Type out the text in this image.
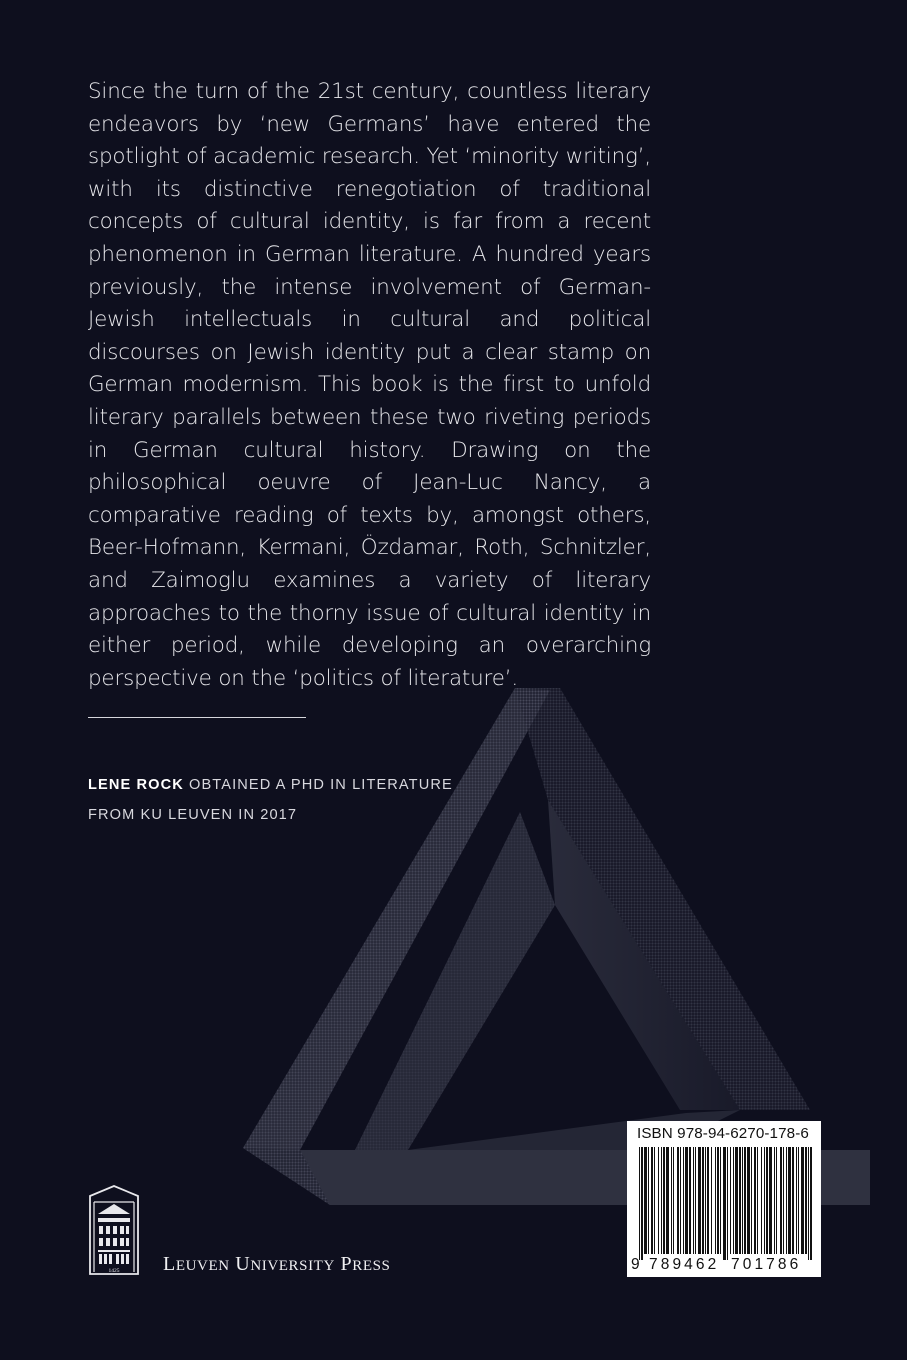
Since the turn of the 21st century, countless literary endeavors by ‘new Germans’ have entered the spotlight of academic research. Yet ‘minority writing’, with its distinctive renegotiation of traditional concepts of cultural identity, is far from a recent phenomenon in German literature. A hundred years previously, the intense involvement of German-Jewish intellectuals in cultural and political discourses on Jewish identity put a clear stamp on German modernism. This book is the first to unfold literary parallels between these two riveting periods in German cultural history. Drawing on the philosophical oeuvre of Jean-Luc Nancy, a comparative reading of texts by, amongst others, Beer-Hofmann, Kermani, Özdamar, Roth, Schnitzler, and Zaimoglu examines a variety of literary approaches to the thorny issue of cultural identity in either period, while developing an overarching perspective on the ‘politics of literature’.

LENE ROCK OBTAINED A PHD IN LITERATURE
FROM KU LEUVEN IN 2017
ISBN 978-94-6270-178-6
9 789462 701786
1425 LEUVEN UNIVERSITY PRESS
